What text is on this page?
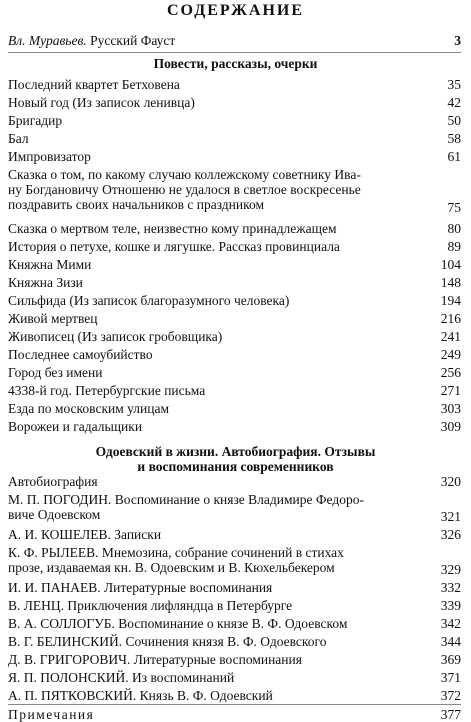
СОДЕРЖАНИЕ
Вл. Муравьев. Русский Фауст	3
Повести, рассказы, очерки
Последний квартет Бетховена	35
Новый год (Из записок ленивца)	42
Бригадир	50
Бал	58
Импровизатор	61
Сказка о том, по какому случаю коллежскому советнику Ива-
ну Богдановичу Отношеню не удалося в светлое воскресенье
поздравить своих начальников с праздником	75
Сказка о мертвом теле, неизвестно кому принадлежащем	80
История о петухе, кошке и лягушке. Рассказ провинциала	89
Княжна Мими	104
Княжна Зизи	148
Сильфида (Из записок благоразумного человека)	194
Живой мертвец	216
Живописец (Из записок гробовщика)	241
Последнее самоубийство	249
Город без имени	256
4338-й год. Петербургские письма	271
Езда по московским улицам	303
Ворожеи и гадальщики	309
Одоевский в жизни. Автобиография. Отзывы
и воспоминания современников
Автобиография	320
М. П. ПОГОДИН. Воспоминание о князе Владимире Федоро-
вичe Одоевском	321
А. И. КОШЕЛЕВ. Записки	326
К. Ф. РЫЛЕЕВ. Мнемозина, собрание сочинений в стихах
прозе, издаваемая кн. В. Одоевским и В. Кюхельбекером	329
И. И. ПАНАЕВ. Литературные воспоминания	332
В. ЛЕНЦ. Приключения лифляндца в Петербурге	339
В. А. СОЛЛОГУБ. Воспоминание о князе В. Ф. Одоевском	342
В. Г. БЕЛИНСКИЙ. Сочинения князя В. Ф. Одоевского	344
Д. В. ГРИГОРОВИЧ. Литературные воспоминания	369
Я. П. ПОЛОНСКИЙ. Из воспоминаний	371
А. П. ПЯТКОВСКИЙ. Князь В. Ф. Одоевский	372
Примечания	377
